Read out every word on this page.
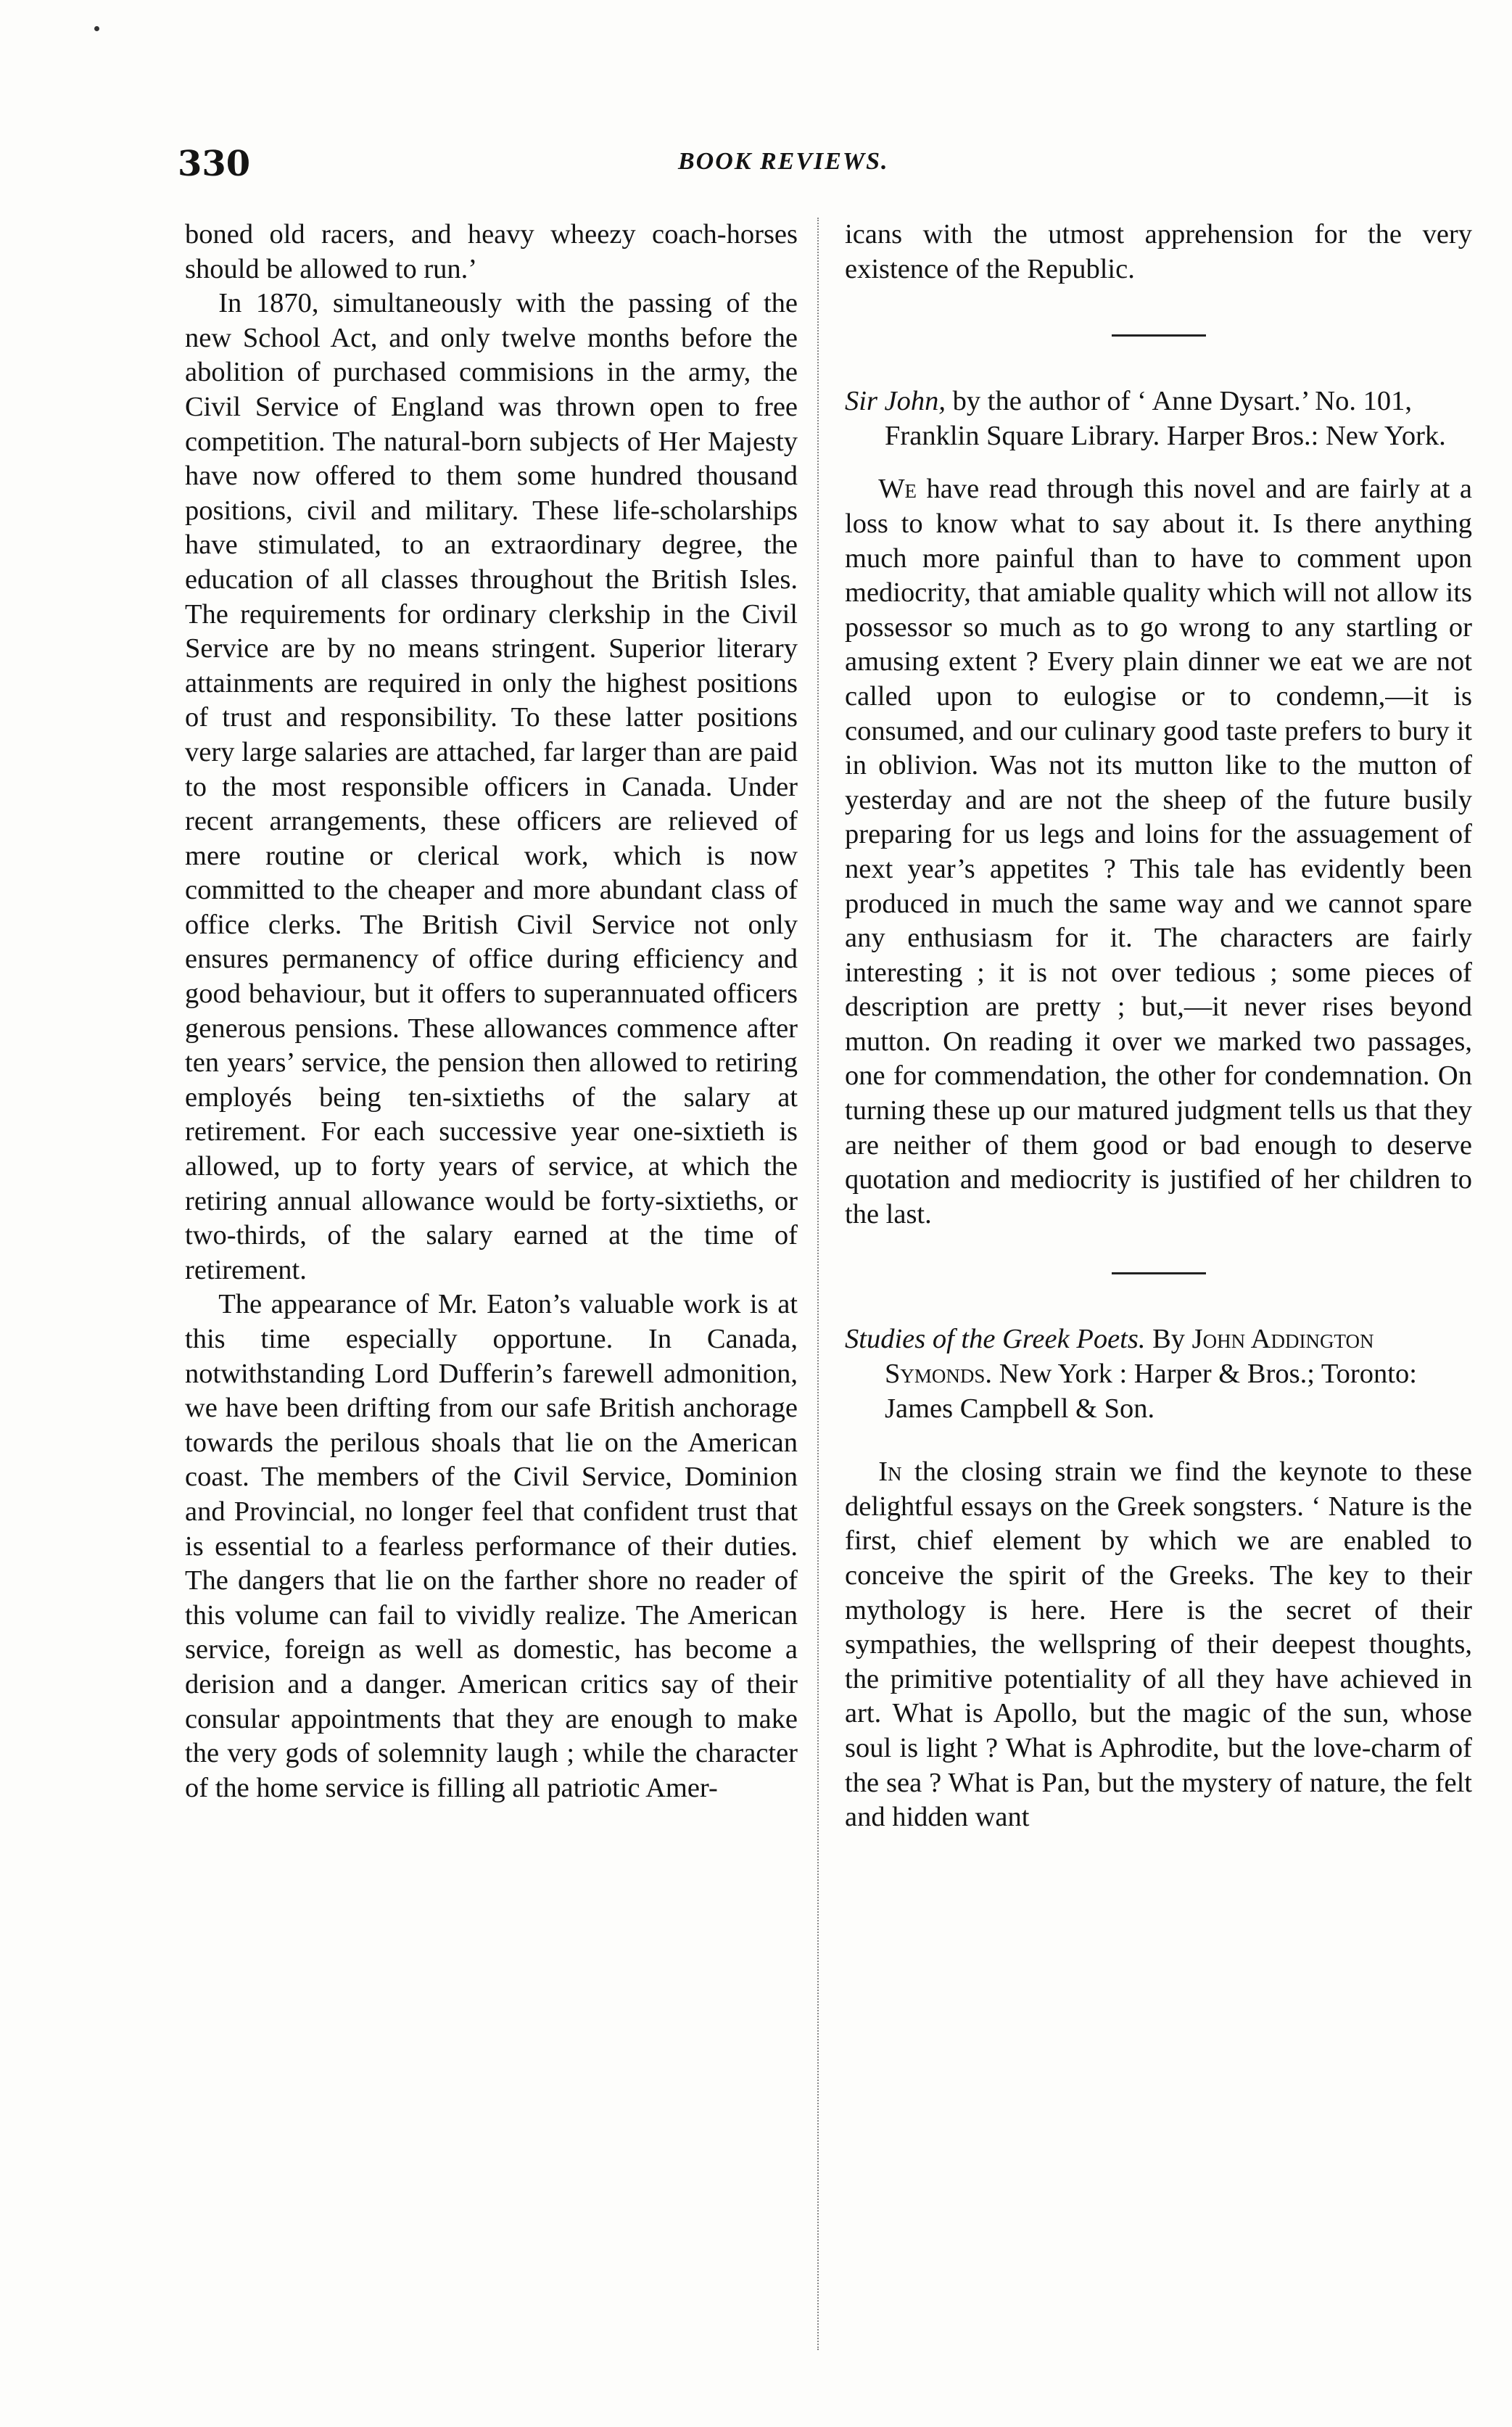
330	BOOK REVIEWS.

boned old racers, and heavy wheezy coach-horses should be allowed to run.’

In 1870, simultaneously with the passing of the new School Act, and only twelve months before the abolition of purchased commisions in the army, the Civil Service of England was thrown open to free competition. The natural-born subjects of Her Majesty have now offered to them some hundred thousand positions, civil and military. These life-scholarships have stimulated, to an extraordinary degree, the education of all classes throughout the British Isles. The requirements for ordinary clerkship in the Civil Service are by no means stringent. Superior literary attainments are required in only the highest positions of trust and responsibility. To these latter positions very large salaries are attached, far larger than are paid to the most responsible officers in Canada. Under recent arrangements, these officers are relieved of mere routine or clerical work, which is now committed to the cheaper and more abundant class of office clerks. The British Civil Service not only ensures permanency of office during efficiency and good behaviour, but it offers to superannuated officers generous pensions. These allowances commence after ten years’ service, the pension then allowed to retiring employés being ten-sixtieths of the salary at retirement. For each successive year one-sixtieth is allowed, up to forty years of service, at which the retiring annual allowance would be forty-sixtieths, or two-thirds, of the salary earned at the time of retirement.

The appearance of Mr. Eaton’s valuable work is at this time especially opportune. In Canada, notwithstanding Lord Dufferin’s farewell admonition, we have been drifting from our safe British anchorage towards the perilous shoals that lie on the American coast. The members of the Civil Service, Dominion and Provincial, no longer feel that confident trust that is essential to a fearless performance of their duties. The dangers that lie on the farther shore no reader of this volume can fail to vividly realize. The American service, foreign as well as domestic, has become a derision and a danger. American critics say of their consular appointments that they are enough to make the very gods of solemnity laugh ; while the character of the home service is filling all patriotic Amer-

icans with the utmost apprehension for the very existence of the Republic.

Sir John, by the author of ‘ Anne Dysart.’ No. 101, Franklin Square Library. Harper Bros.: New York.

We have read through this novel and are fairly at a loss to know what to say about it. Is there anything much more painful than to have to comment upon mediocrity, that amiable quality which will not allow its possessor so much as to go wrong to any startling or amusing extent ? Every plain dinner we eat we are not called upon to eulogise or to condemn,—it is consumed, and our culinary good taste prefers to bury it in oblivion. Was not its mutton like to the mutton of yesterday and are not the sheep of the future busily preparing for us legs and loins for the assuagement of next year’s appetites ? This tale has evidently been produced in much the same way and we cannot spare any enthusiasm for it. The characters are fairly interesting ; it is not over tedious ; some pieces of description are pretty ; but,—it never rises beyond mutton. On reading it over we marked two passages, one for commendation, the other for condemnation. On turning these up our matured judgment tells us that they are neither of them good or bad enough to deserve quotation and mediocrity is justified of her children to the last.

Studies of the Greek Poets. By John Addington Symonds. New York : Harper & Bros.; Toronto: James Campbell & Son.

In the closing strain we find the keynote to these delightful essays on the Greek songsters. ‘ Nature is the first, chief element by which we are enabled to conceive the spirit of the Greeks. The key to their mythology is here. Here is the secret of their sympathies, the wellspring of their deepest thoughts, the primitive potentiality of all they have achieved in art. What is Apollo, but the magic of the sun, whose soul is light ? What is Aphrodite, but the love-charm of the sea ? What is Pan, but the mystery of nature, the felt and hidden want
